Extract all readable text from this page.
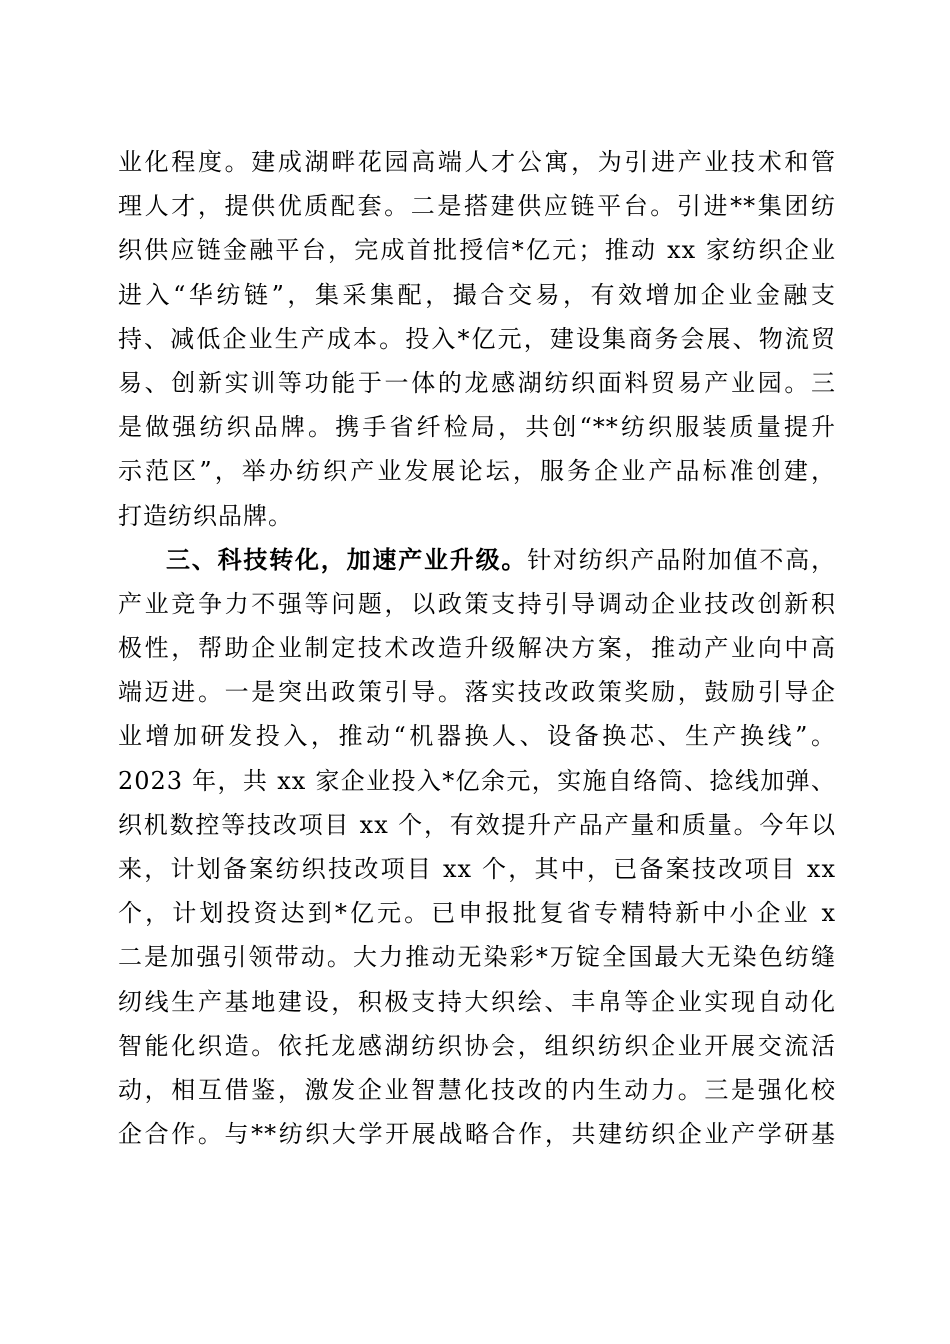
业化程度。建成湖畔花园高端人才公寓，为引进产业技术和管
理人才，提供优质配套。二是搭建供应链平台。引进**集团纺
织供应链金融平台，完成首批授信*亿元；推动 xx 家纺织企业
进入“华纺链”，集采集配，撮合交易，有效增加企业金融支
持、减低企业生产成本。投入*亿元，建设集商务会展、物流贸
易、创新实训等功能于一体的龙感湖纺织面料贸易产业园。三
是做强纺织品牌。携手省纤检局，共创“**纺织服装质量提升
示范区”，举办纺织产业发展论坛，服务企业产品标准创建，
打造纺织品牌。
三、科技转化，加速产业升级。针对纺织产品附加值不高，
产业竞争力不强等问题，以政策支持引导调动企业技改创新积
极性，帮助企业制定技术改造升级解决方案，推动产业向中高
端迈进。一是突出政策引导。落实技改政策奖励，鼓励引导企
业增加研发投入，推动“机器换人、设备换芯、生产换线”。
2023 年，共 xx 家企业投入*亿余元，实施自络筒、捻线加弹、
织机数控等技改项目 xx 个，有效提升产品产量和质量。今年以
来，计划备案纺织技改项目 xx 个，其中，已备案技改项目 xx
个，计划投资达到*亿元。已申报批复省专精特新中小企业 x
二是加强引领带动。大力推动无染彩*万锭全国最大无染色纺缝
纫线生产基地建设，积极支持大织绘、丰帛等企业实现自动化
智能化织造。依托龙感湖纺织协会，组织纺织企业开展交流活
动，相互借鉴，激发企业智慧化技改的内生动力。三是强化校
企合作。与**纺织大学开展战略合作，共建纺织企业产学研基
